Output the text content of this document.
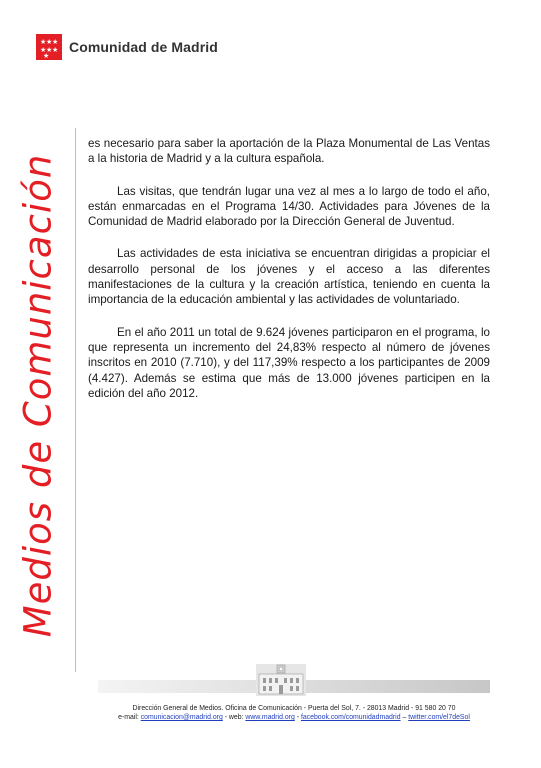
★ ★ ★
★ ★ ★
★
Comunidad de Madrid
Medios de Comunicación

es necesario para saber la aportación de la Plaza Monumental de Las Ventas a la historia de Madrid y a la cultura española.

Las visitas, que tendrán lugar una vez al mes a lo largo de todo el año, están enmarcadas en el Programa 14/30. Actividades para Jóvenes de la Comunidad de Madrid elaborado por la Dirección General de Juventud.

Las actividades de esta iniciativa se encuentran dirigidas a propiciar el desarrollo personal de los jóvenes y el acceso a las diferentes manifestaciones de la cultura y la creación artística, teniendo en cuenta la importancia de la educación ambiental y las actividades de voluntariado.

En el año 2011 un total de 9.624 jóvenes participaron en el programa, lo que representa un incremento del 24,83% respecto al número de jóvenes inscritos en 2010 (7.710), y del 117,39% respecto a los participantes de 2009 (4.427). Además se estima que más de 13.000 jóvenes participen en la edición del año 2012.

Dirección General de Medios. Oficina de Comunicación - Puerta del Sol, 7. - 28013 Madrid - 91 580 20 70
e-mail: comunicacion@madrid.org - web: www.madrid.org - facebook.com/comunidadmadrid – twitter.com/el7deSol
